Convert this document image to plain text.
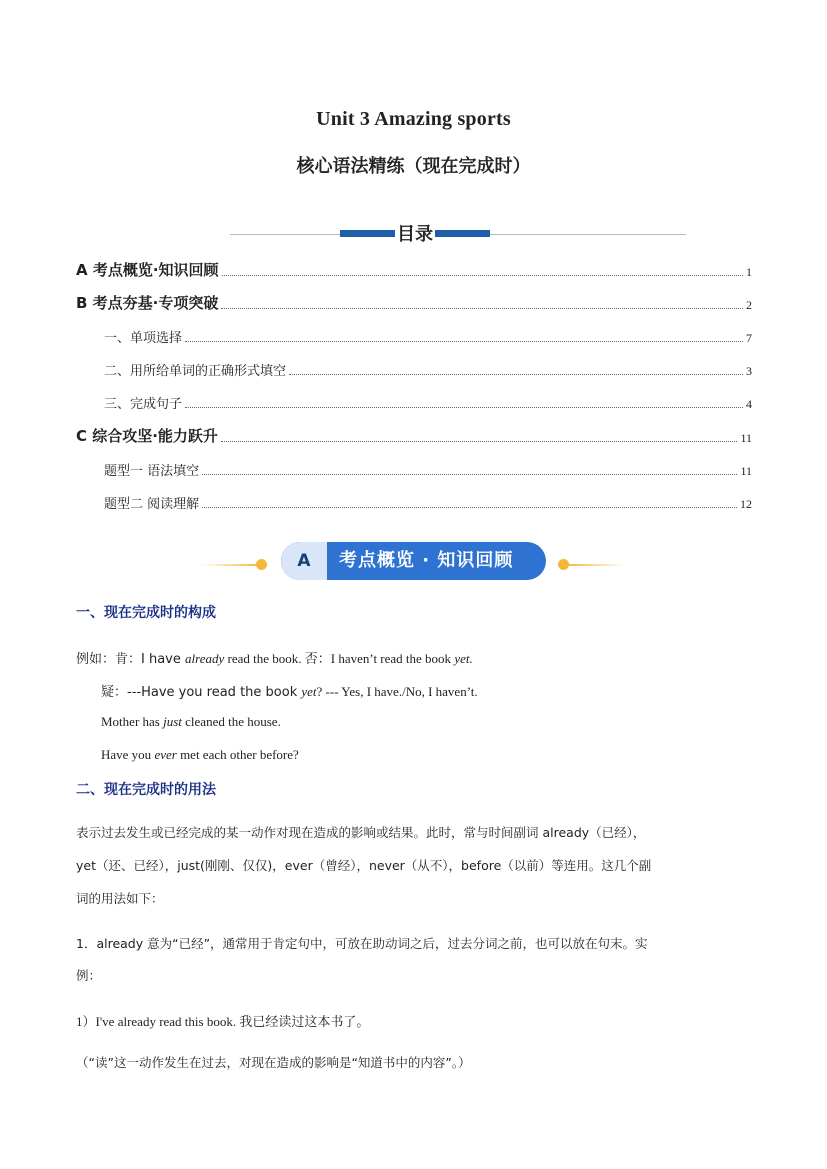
Unit 3 Amazing sports
核心语法精练（现在完成时）
目录
A 考点概览·知识回顾	1
B 考点夯基·专项突破	2
一、单项选择	7
二、用所给单词的正确形式填空	3
三、完成句子	4
C 综合攻坚·能力跃升	11
题型一 语法填空	11
题型二 阅读理解	12
A	考点概览 · 知识回顾
一、现在完成时的构成
例如：肯：I have already read the book. 否：I haven’t read the book yet.
疑：---Have you read the book yet? --- Yes, I have./No, I haven’t.
Mother has just cleaned the house.
Have you ever met each other before?
二、现在完成时的用法
表示过去发生或已经完成的某一动作对现在造成的影响或结果。此时，常与时间副词 already（已经），
yet（还、已经），just(刚刚、仅仅)，ever（曾经），never（从不），before（以前）等连用。这几个副
词的用法如下：
1．already 意为“已经”，通常用于肯定句中，可放在助动词之后，过去分词之前，也可以放在句末。实
例：
1）I've already read this book. 我已经读过这本书了。
（“读”这一动作发生在过去，对现在造成的影响是“知道书中的内容”。）
